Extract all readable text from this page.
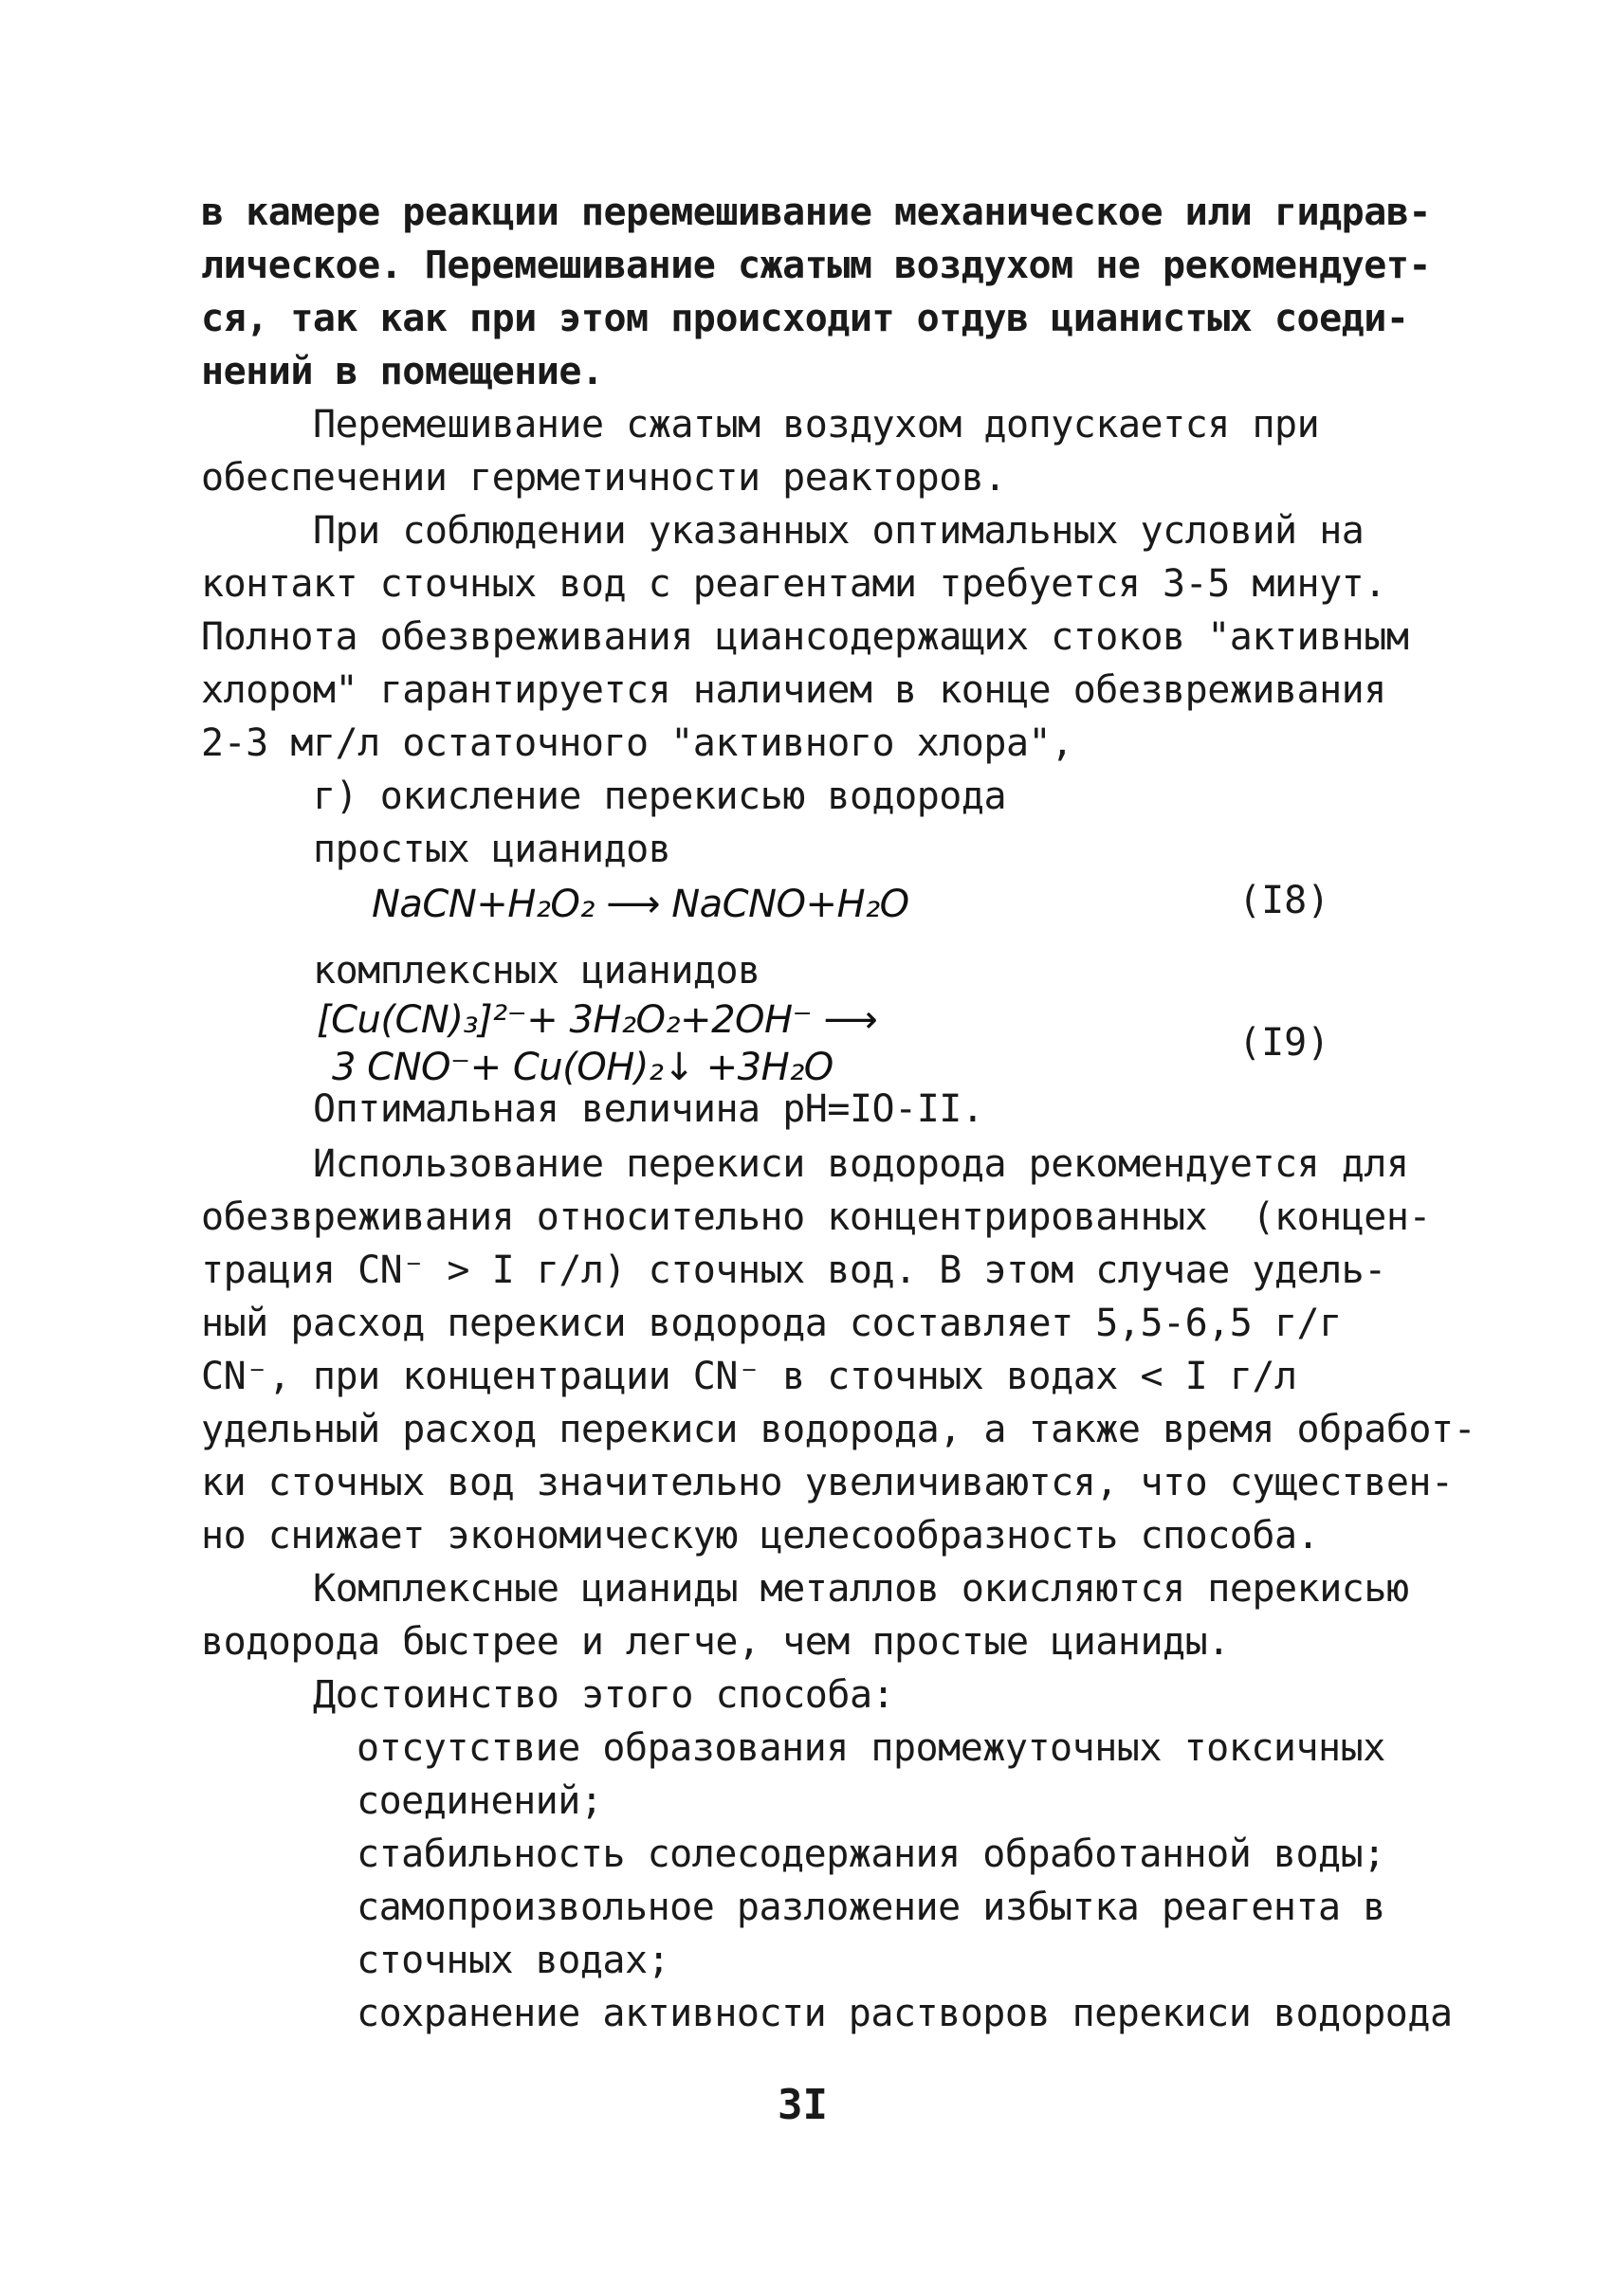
в камере реакции перемешивание механическое или гидрав-
лическое. Перемешивание сжатым воздухом не рекомендует-
ся, так как при этом происходит отдув цианистых соеди-
нений в помещение.
Перемешивание сжатым воздухом допускается при
обеспечении герметичности реакторов.
При соблюдении указанных оптимальных условий на
контакт сточных вод с реагентами требуется 3-5 минут.
Полнота обезвреживания циансодержащих стоков "активным
хлором" гарантируется наличием в конце обезвреживания
2-3 мг/л остаточного "активного хлора",
г) окисление перекисью водорода
простых цианидов
NaCN+H₂O₂ ⟶ NaCNO+H₂O	(I8)
комплексных цианидов
[Cu(CN)₃]²⁻+ 3H₂O₂+2OH⁻ ⟶
3 CNO⁻+ Cu(OH)₂↓ +3H₂O
(I9)
Оптимальная величина pH=IO-II.
Использование перекиси водорода рекомендуется для
обезвреживания относительно концентрированных  (концен-
трация CN⁻ > I г/л) сточных вод. В этом случае удель-
ный расход перекиси водорода составляет 5,5-6,5 г/г
CN⁻, при концентрации CN⁻ в сточных водах < I г/л
удельный расход перекиси водорода, а также время обработ-
ки сточных вод значительно увеличиваются, что существен-
но снижает экономическую целесообразность способа.
Комплексные цианиды металлов окисляются перекисью
водорода быстрее и легче, чем простые цианиды.
Достоинство этого способа:
отсутствие образования промежуточных токсичных
соединений;
стабильность солесодержания обработанной воды;
самопроизвольное разложение избытка реагента в
сточных водах;
сохранение активности растворов перекиси водорода
3I
